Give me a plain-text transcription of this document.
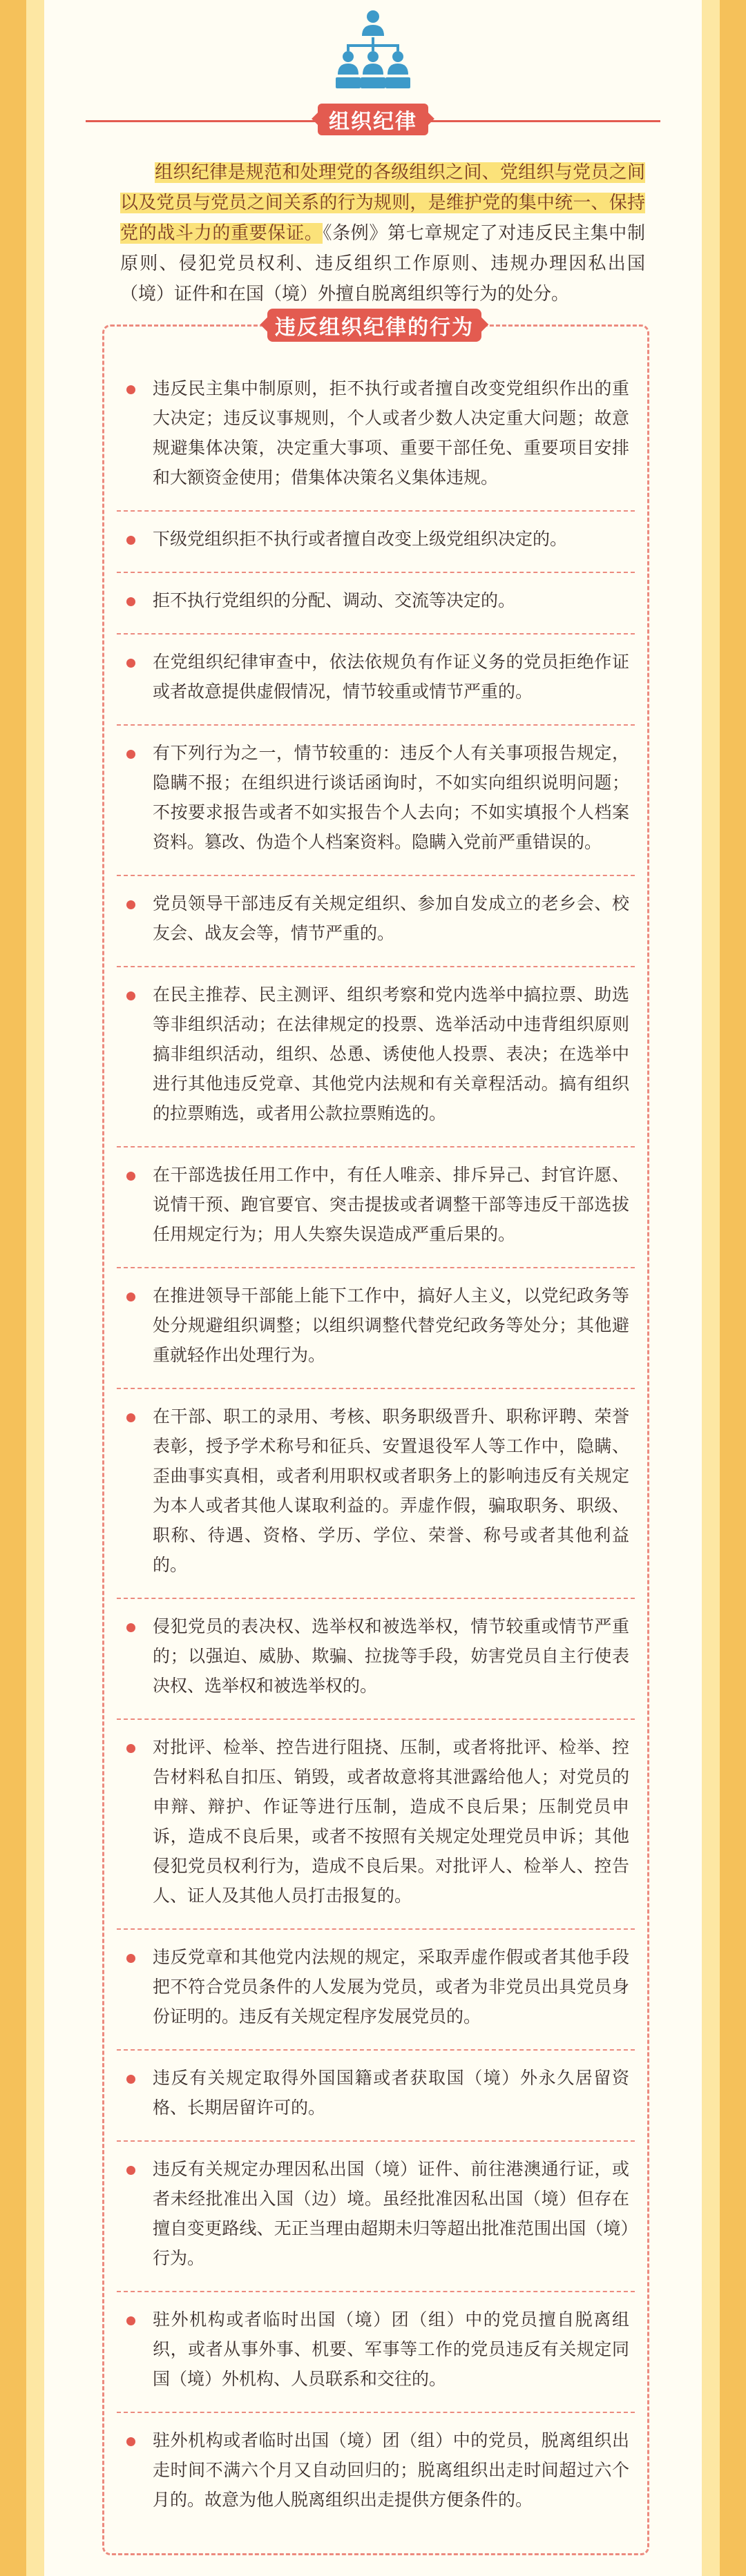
组织纪律
组织纪律是规范和处理党的各级组织之间、党组织与党员之间以及党员与党员之间关系的行为规则，是维护党的集中统一、保持党的战斗力的重要保证。《条例》第七章规定了对违反民主集中制原则、侵犯党员权利、违反组织工作原则、违规办理因私出国（境）证件和在国（境）外擅自脱离组织等行为的处分。
违反组织纪律的行为
违反民主集中制原则，拒不执行或者擅自改变党组织作出的重大决定；违反议事规则，个人或者少数人决定重大问题；故意规避集体决策，决定重大事项、重要干部任免、重要项目安排和大额资金使用；借集体决策名义集体违规。
下级党组织拒不执行或者擅自改变上级党组织决定的。
拒不执行党组织的分配、调动、交流等决定的。
在党组织纪律审查中，依法依规负有作证义务的党员拒绝作证或者故意提供虚假情况，情节较重或情节严重的。
有下列行为之一，情节较重的：违反个人有关事项报告规定，隐瞒不报；在组织进行谈话函询时，不如实向组织说明问题；不按要求报告或者不如实报告个人去向；不如实填报个人档案资料。篡改、伪造个人档案资料。隐瞒入党前严重错误的。
党员领导干部违反有关规定组织、参加自发成立的老乡会、校友会、战友会等，情节严重的。
在民主推荐、民主测评、组织考察和党内选举中搞拉票、助选等非组织活动；在法律规定的投票、选举活动中违背组织原则搞非组织活动，组织、怂恿、诱使他人投票、表决；在选举中进行其他违反党章、其他党内法规和有关章程活动。搞有组织的拉票贿选，或者用公款拉票贿选的。
在干部选拔任用工作中，有任人唯亲、排斥异己、封官许愿、说情干预、跑官要官、突击提拔或者调整干部等违反干部选拔任用规定行为；用人失察失误造成严重后果的。
在推进领导干部能上能下工作中，搞好人主义，以党纪政务等处分规避组织调整；以组织调整代替党纪政务等处分；其他避重就轻作出处理行为。
在干部、职工的录用、考核、职务职级晋升、职称评聘、荣誉表彰，授予学术称号和征兵、安置退役军人等工作中，隐瞒、歪曲事实真相，或者利用职权或者职务上的影响违反有关规定为本人或者其他人谋取利益的。弄虚作假，骗取职务、职级、职称、待遇、资格、学历、学位、荣誉、称号或者其他利益的。
侵犯党员的表决权、选举权和被选举权，情节较重或情节严重的；以强迫、威胁、欺骗、拉拢等手段，妨害党员自主行使表决权、选举权和被选举权的。
对批评、检举、控告进行阻挠、压制，或者将批评、检举、控告材料私自扣压、销毁，或者故意将其泄露给他人；对党员的申辩、辩护、作证等进行压制，造成不良后果；压制党员申诉，造成不良后果，或者不按照有关规定处理党员申诉；其他侵犯党员权利行为，造成不良后果。对批评人、检举人、控告人、证人及其他人员打击报复的。
违反党章和其他党内法规的规定，采取弄虚作假或者其他手段把不符合党员条件的人发展为党员，或者为非党员出具党员身份证明的。违反有关规定程序发展党员的。
违反有关规定取得外国国籍或者获取国（境）外永久居留资格、长期居留许可的。
违反有关规定办理因私出国（境）证件、前往港澳通行证，或者未经批准出入国（边）境。虽经批准因私出国（境）但存在擅自变更路线、无正当理由超期未归等超出批准范围出国（境）行为。
驻外机构或者临时出国（境）团（组）中的党员擅自脱离组织，或者从事外事、机要、军事等工作的党员违反有关规定同国（境）外机构、人员联系和交往的。
驻外机构或者临时出国（境）团（组）中的党员，脱离组织出走时间不满六个月又自动回归的；脱离组织出走时间超过六个月的。故意为他人脱离组织出走提供方便条件的。
